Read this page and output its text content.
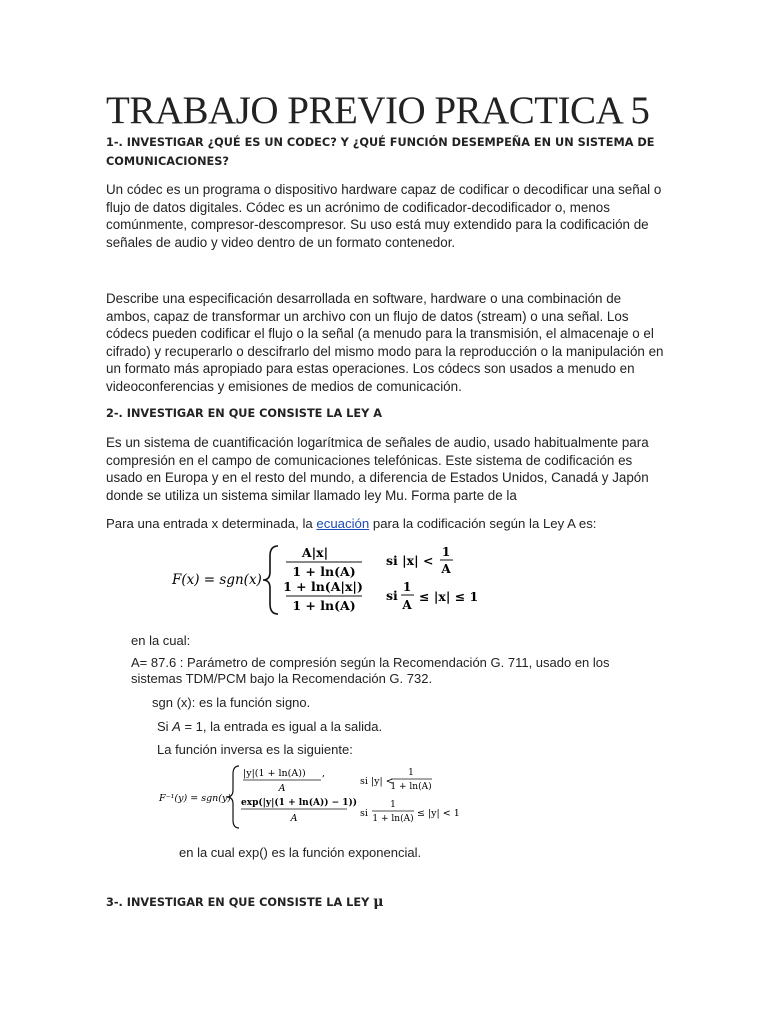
TRABAJO PREVIO PRACTICA 5
1-. INVESTIGAR ¿QUÉ ES UN CODEC? Y ¿QUÉ FUNCIÓN DESEMPEÑA EN UN SISTEMA DE COMUNICACIONES?

Un códec es un programa o dispositivo hardware capaz de codificar o decodificar una señal o flujo de datos digitales. Códec es un acrónimo de codificador-decodificador o, menos comúnmente, compresor-descompresor. Su uso está muy extendido para la codificación de señales de audio y video dentro de un formato contenedor.

Describe una especificación desarrollada en software, hardware o una combinación de ambos, capaz de transformar un archivo con un flujo de datos (stream) o una señal. Los códecs pueden codificar el flujo o la señal (a menudo para la transmisión, el almacenaje o el cifrado) y recuperarlo o descifrarlo del mismo modo para la reproducción o la manipulación en un formato más apropiado para estas operaciones. Los códecs son usados a menudo en videoconferencias y emisiones de medios de comunicación.

2-. INVESTIGAR EN QUE CONSISTE LA LEY A

Es un sistema de cuantificación logarítmica de señales de audio, usado habitualmente para compresión en el campo de comunicaciones telefónicas. Este sistema de codificación es usado en Europa y en el resto del mundo, a diferencia de Estados Unidos, Canadá y Japón donde se utiliza un sistema similar llamado ley Mu. Forma parte de la

Para una entrada x determinada, la ecuación para la codificación según la Ley A es:

F(x) = sgn(x)
A|x|
1 + ln(A)
si |x| <
1
A
1 + ln(A|x|)
1 + ln(A)
si
1
A
≤ |x| ≤ 1

en la cual:

A= 87.6 : Parámetro de compresión según la Recomendación G. 711, usado en los sistemas TDM/PCM bajo la Recomendación G. 732.

sgn (x): es la función signo.

Si A = 1, la entrada es igual a la salida.

La función inversa es la siguiente:

F⁻¹(y) = sgn(y)
|y|(1 + ln(A)) ,
A
si |y| <
1
1 + ln(A)
exp(|y|(1 + ln(A)) − 1))
A	si
1
1 + ln(A) ≤ |y| < 1

en la cual exp() es la función exponencial.

3-. INVESTIGAR EN QUE CONSISTE LA LEY μ
